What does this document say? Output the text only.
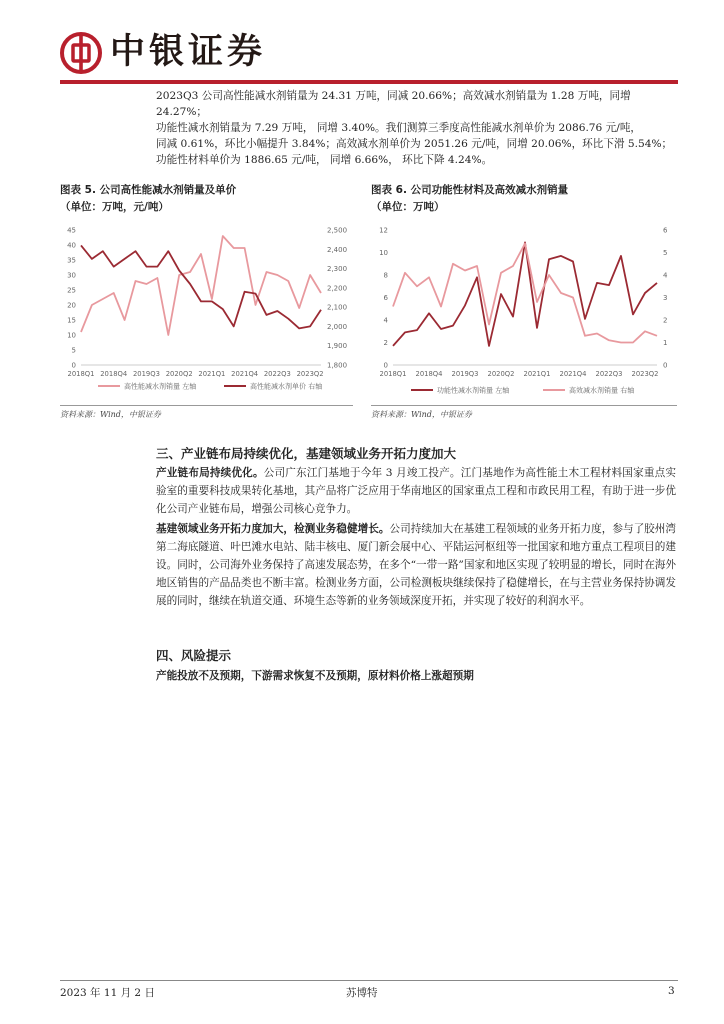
中银证券
2023Q3 公司高性能减水剂销量为 24.31 万吨，同减 20.66%；高效减水剂销量为 1.28 万吨，同增 24.27%；
功能性减水剂销量为 7.29 万吨， 同增 3.40%。我们测算三季度高性能减水剂单价为 2086.76 元/吨，
同减 0.61%，环比小幅提升 3.84%；高效减水剂单价为 2051.26 元/吨，同增 20.06%，环比下滑 5.54%；
功能性材料单价为 1886.65 元/吨， 同增 6.66%， 环比下降 4.24%。
图表 5. 公司高性能减水剂销量及单价
（单位：万吨，元/吨）
0
5
10
15
20
25
30
35
40
45
1,800
1,900
2,000
2,100
2,200
2,300
2,400
2,500
2018Q1 2018Q4 2019Q3 2020Q2 2021Q1 2021Q4 2022Q3 2023Q2
高性能减水剂销量 左轴	高性能减水剂单价 右轴
资料来源：Wind，中银证券
图表 6. 公司功能性材料及高效减水剂销量
（单位：万吨）
0
2
4
6
8
10
12
0
1
2
3
4
5
6
2018Q1 2018Q4 2019Q3 2020Q2 2021Q1 2021Q4 2022Q3 2023Q2
功能性减水剂销量 左轴	高效减水剂销量 右轴
资料来源：Wind，中银证券
三、产业链布局持续优化，基建领域业务开拓力度加大
产业链布局持续优化。公司广东江门基地于今年 3 月竣工投产。江门基地作为高性能土木工程材料国家重点实验室的重要科技成果转化基地，其产品将广泛应用于华南地区的国家重点工程和市政民用工程，有助于进一步优化公司产业链布局，增强公司核心竞争力。
基建领域业务开拓力度加大，检测业务稳健增长。公司持续加大在基建工程领域的业务开拓力度，参与了胶州湾第二海底隧道、叶巴滩水电站、陆丰核电、厦门新会展中心、平陆运河枢纽等一批国家和地方重点工程项目的建设。同时，公司海外业务保持了高速发展态势，在多个“一带一路”国家和地区实现了较明显的增长，同时在海外地区销售的产品品类也不断丰富。检测业务方面，公司检测板块继续保持了稳健增长，在与主营业务保持协调发展的同时，继续在轨道交通、环境生态等新的业务领域深度开拓，并实现了较好的利润水平。
四、风险提示
产能投放不及预期，下游需求恢复不及预期，原材料价格上涨超预期
2023 年 11 月 2 日	苏博特	3
